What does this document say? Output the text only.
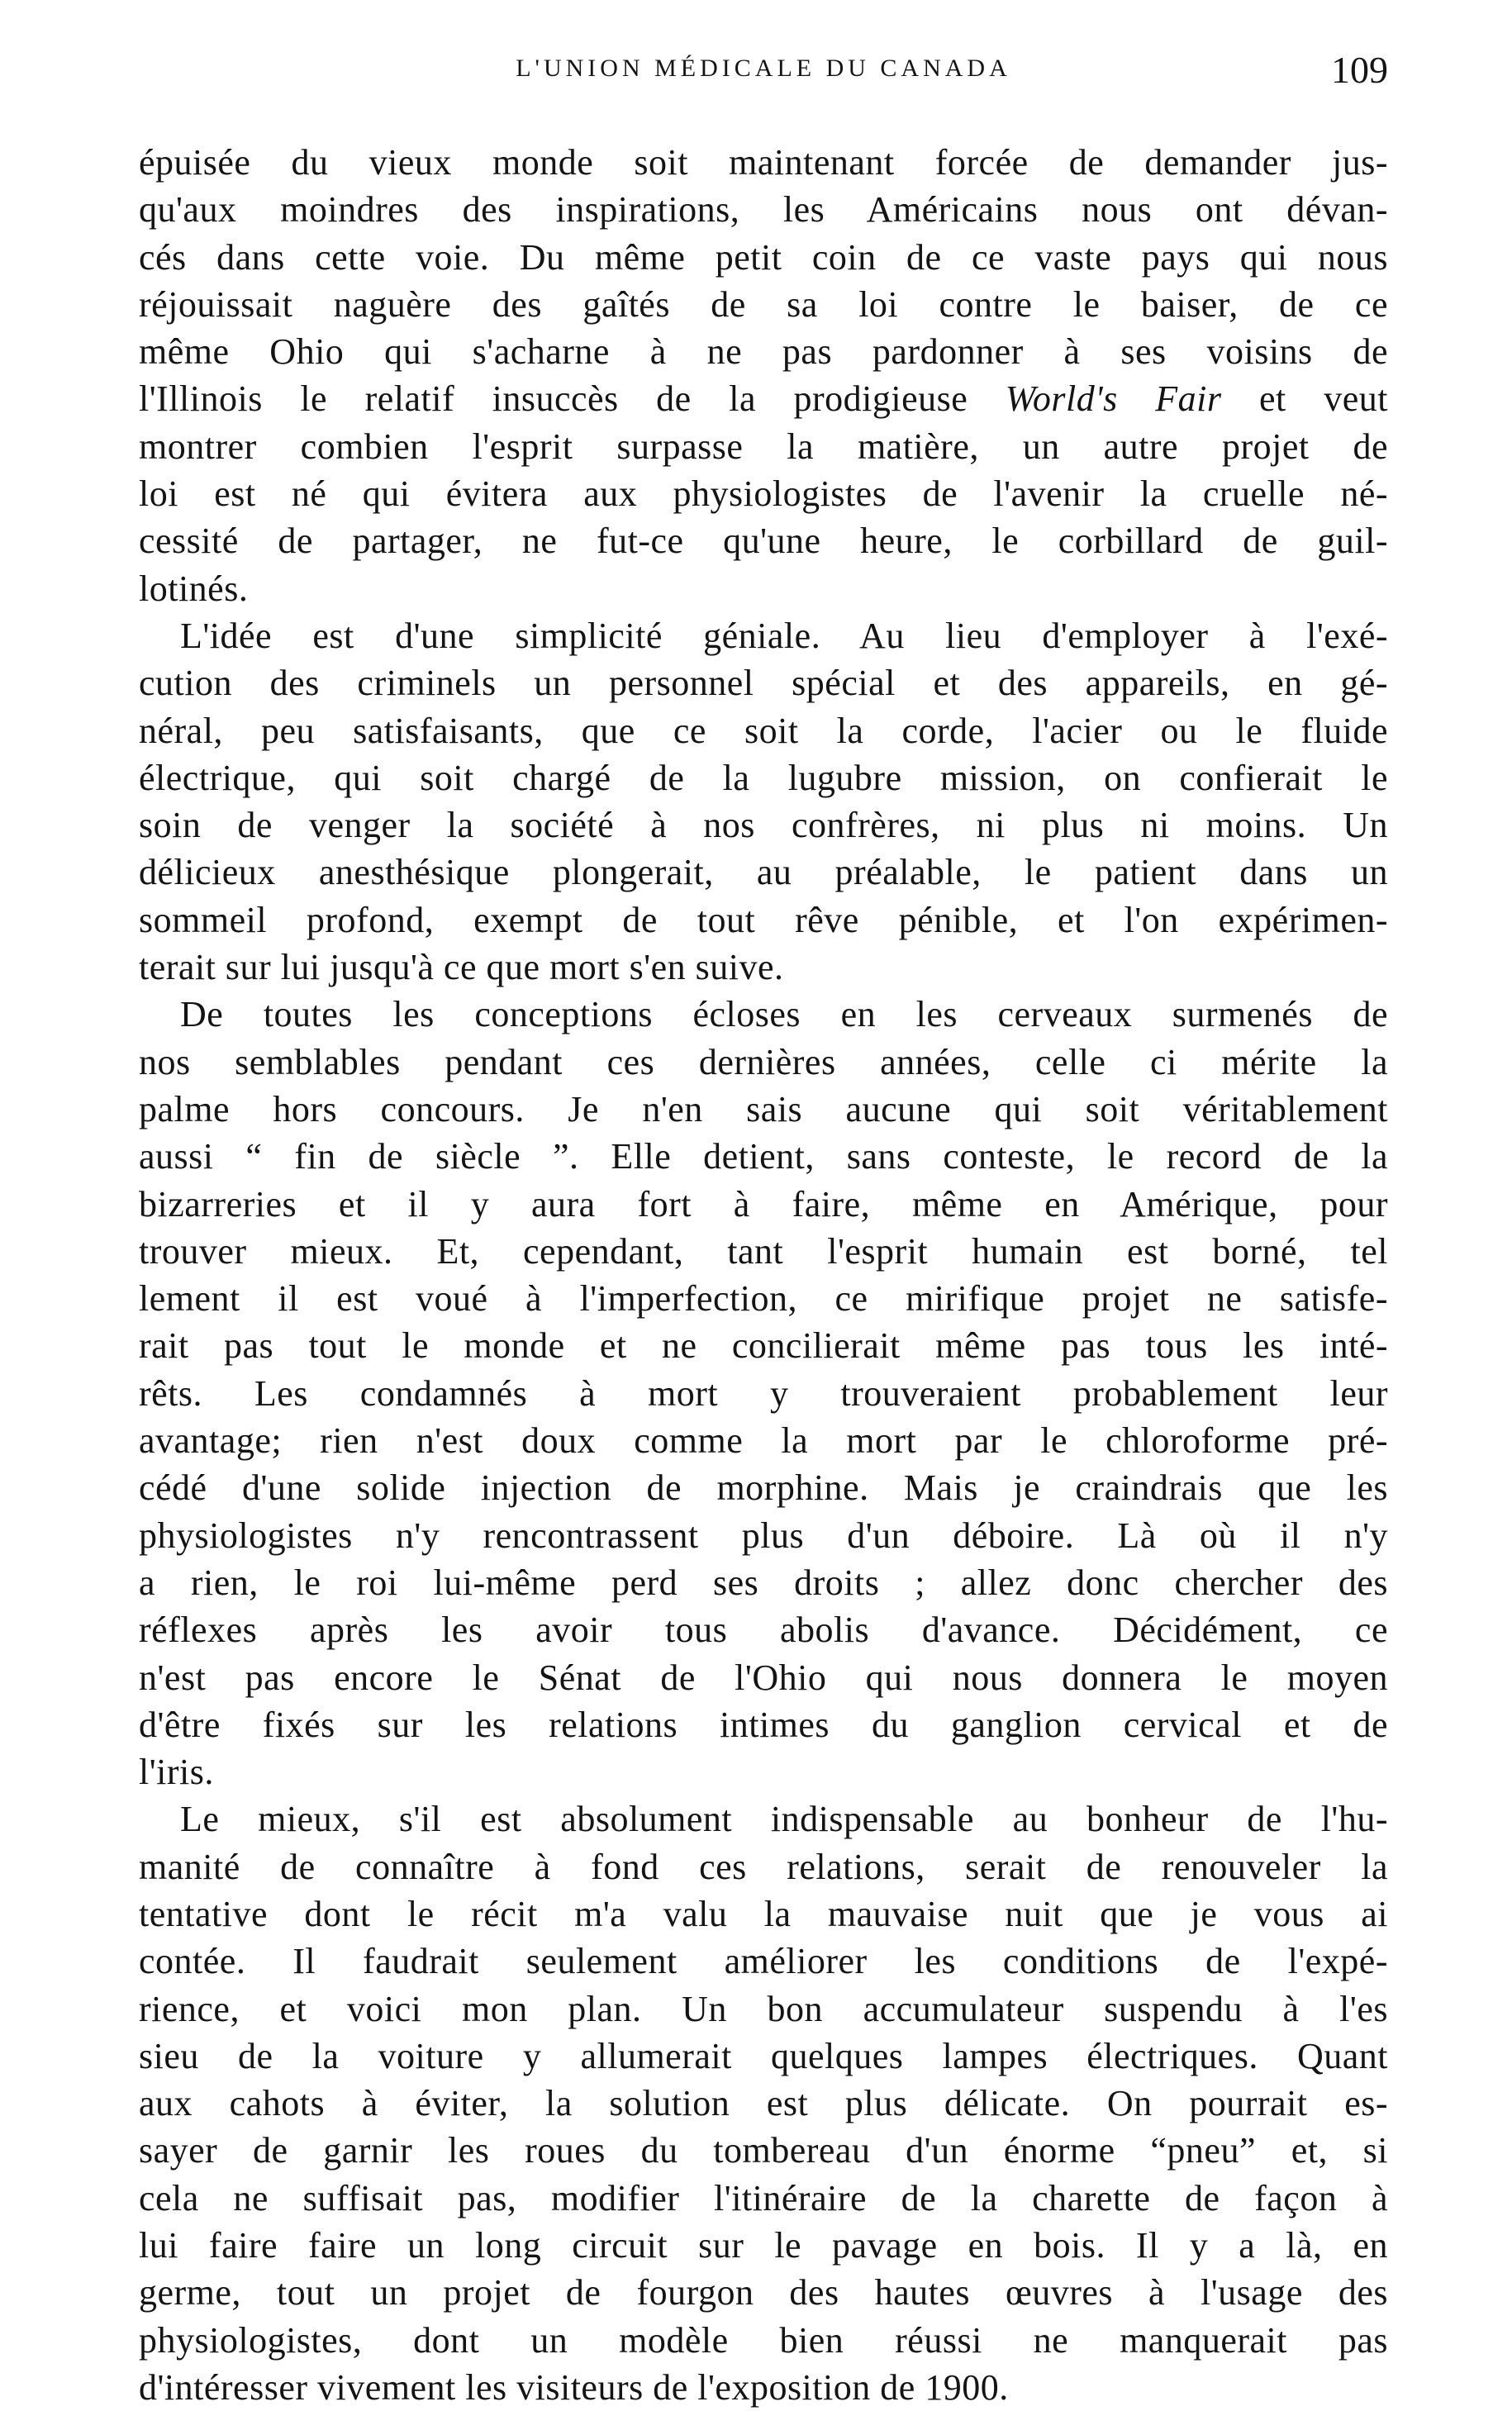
L'UNION MÉDICALE DU CANADA	109

épuisée du vieux monde soit maintenant forcée de demander jus-
qu'aux moindres des inspirations, les Américains nous ont dévan-
cés dans cette voie. Du même petit coin de ce vaste pays qui nous
réjouissait naguère des gaîtés de sa loi contre le baiser, de ce
même Ohio qui s'acharne à ne pas pardonner à ses voisins de
l'Illinois le relatif insuccès de la prodigieuse World's Fair et veut
montrer combien l'esprit surpasse la matière, un autre projet de
loi est né qui évitera aux physiologistes de l'avenir la cruelle né-
cessité de partager, ne fut-ce qu'une heure, le corbillard de guil-
lotinés.

L'idée est d'une simplicité géniale. Au lieu d'employer à l'exé-
cution des criminels un personnel spécial et des appareils, en gé-
néral, peu satisfaisants, que ce soit la corde, l'acier ou le fluide
électrique, qui soit chargé de la lugubre mission, on confierait le
soin de venger la société à nos confrères, ni plus ni moins. Un
délicieux anesthésique plongerait, au préalable, le patient dans un
sommeil profond, exempt de tout rêve pénible, et l'on expérimen-
terait sur lui jusqu'à ce que mort s'en suive.

De toutes les conceptions écloses en les cerveaux surmenés de
nos semblables pendant ces dernières années, celle ci mérite la
palme hors concours. Je n'en sais aucune qui soit véritablement
aussi “ fin de siècle ”. Elle detient, sans conteste, le record de la
bizarreries et il y aura fort à faire, même en Amérique, pour
trouver mieux. Et, cependant, tant l'esprit humain est borné, tel
lement il est voué à l'imperfection, ce mirifique projet ne satisfe-
rait pas tout le monde et ne concilierait même pas tous les inté-
rêts. Les condamnés à mort y trouveraient probablement leur
avantage; rien n'est doux comme la mort par le chloroforme pré-
cédé d'une solide injection de morphine. Mais je craindrais que les
physiologistes n'y rencontrassent plus d'un déboire. Là où il n'y
a rien, le roi lui-même perd ses droits ; allez donc chercher des
réflexes après les avoir tous abolis d'avance. Décidément, ce
n'est pas encore le Sénat de l'Ohio qui nous donnera le moyen
d'être fixés sur les relations intimes du ganglion cervical et de
l'iris.

Le mieux, s'il est absolument indispensable au bonheur de l'hu-
manité de connaître à fond ces relations, serait de renouveler la
tentative dont le récit m'a valu la mauvaise nuit que je vous ai
contée. Il faudrait seulement améliorer les conditions de l'expé-
rience, et voici mon plan. Un bon accumulateur suspendu à l'es
sieu de la voiture y allumerait quelques lampes électriques. Quant
aux cahots à éviter, la solution est plus délicate. On pourrait es-
sayer de garnir les roues du tombereau d'un énorme “pneu” et, si
cela ne suffisait pas, modifier l'itinéraire de la charette de façon à
lui faire faire un long circuit sur le pavage en bois. Il y a là, en
germe, tout un projet de fourgon des hautes œuvres à l'usage des
physiologistes, dont un modèle bien réussi ne manquerait pas
d'intéresser vivement les visiteurs de l'exposition de 1900.
